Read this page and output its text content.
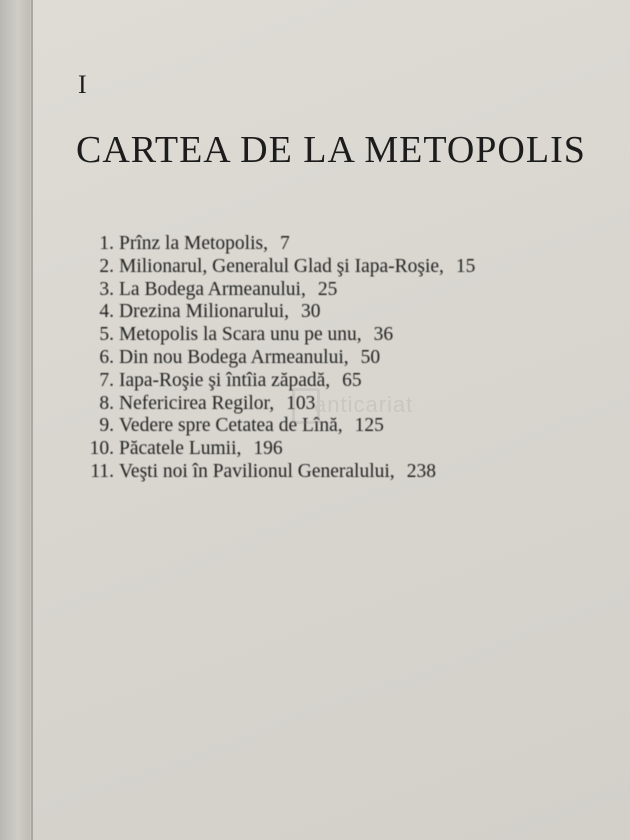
I
CARTEA DE LA METOPOLIS
1. Prînz la Metopolis, 7
2. Milionarul, Generalul Glad şi Iapa-Roşie, 15
3. La Bodega Armeanului, 25
4. Drezina Milionarului, 30
5. Metopolis la Scara unu pe unu, 36
6. Din nou Bodega Armeanului, 50
7. Iapa-Roşie şi întîia zăpadă, 65
8. Nefericirea Regilor, 103
9. Vedere spre Cetatea de Lînă, 125
10. Păcatele Lumii, 196
11. Veşti noi în Pavilionul Generalului, 238
anticariat
